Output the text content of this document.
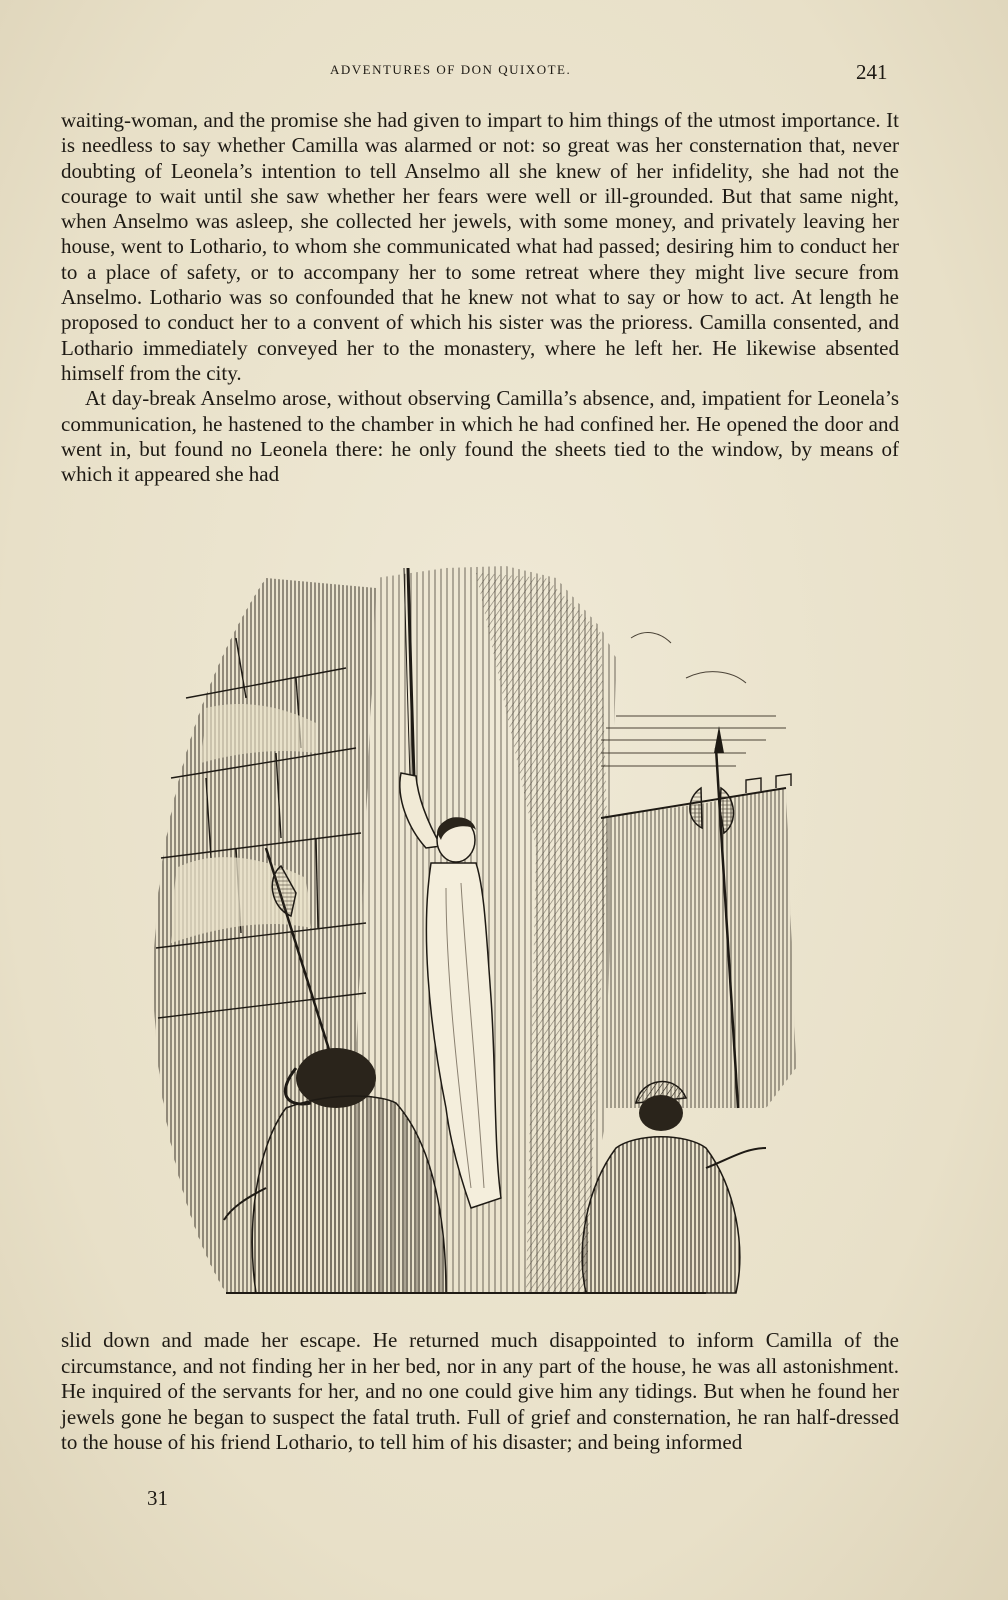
ADVENTURES OF DON QUIXOTE.	241

waiting-woman, and the promise she had given to impart to him things of the utmost importance. It is needless to say whether Camilla was alarmed or not: so great was her consternation that, never doubting of Leonela’s intention to tell Anselmo all she knew of her infidelity, she had not the courage to wait until she saw whether her fears were well or ill-grounded. But that same night, when Anselmo was asleep, she collected her jewels, with some money, and privately leaving her house, went to Lothario, to whom she communicated what had passed; desiring him to conduct her to a place of safety, or to accompany her to some retreat where they might live secure from Anselmo. Lothario was so confounded that he knew not what to say or how to act. At length he proposed to conduct her to a convent of which his sister was the prioress. Camilla consented, and Lothario immediately conveyed her to the monastery, where he left her. He likewise absented himself from the city.

At day-break Anselmo arose, without observing Camilla’s absence, and, impatient for Leonela’s communication, he hastened to the chamber in which he had confined her. He opened the door and went in, but found no Leonela there: he only found the sheets tied to the window, by means of which it appeared she had

slid down and made her escape. He returned much disappointed to inform Camilla of the circumstance, and not finding her in her bed, nor in any part of the house, he was all astonishment. He inquired of the servants for her, and no one could give him any tidings. But when he found her jewels gone he began to suspect the fatal truth. Full of grief and consternation, he ran half-dressed to the house of his friend Lothario, to tell him of his disaster; and being informed

31
